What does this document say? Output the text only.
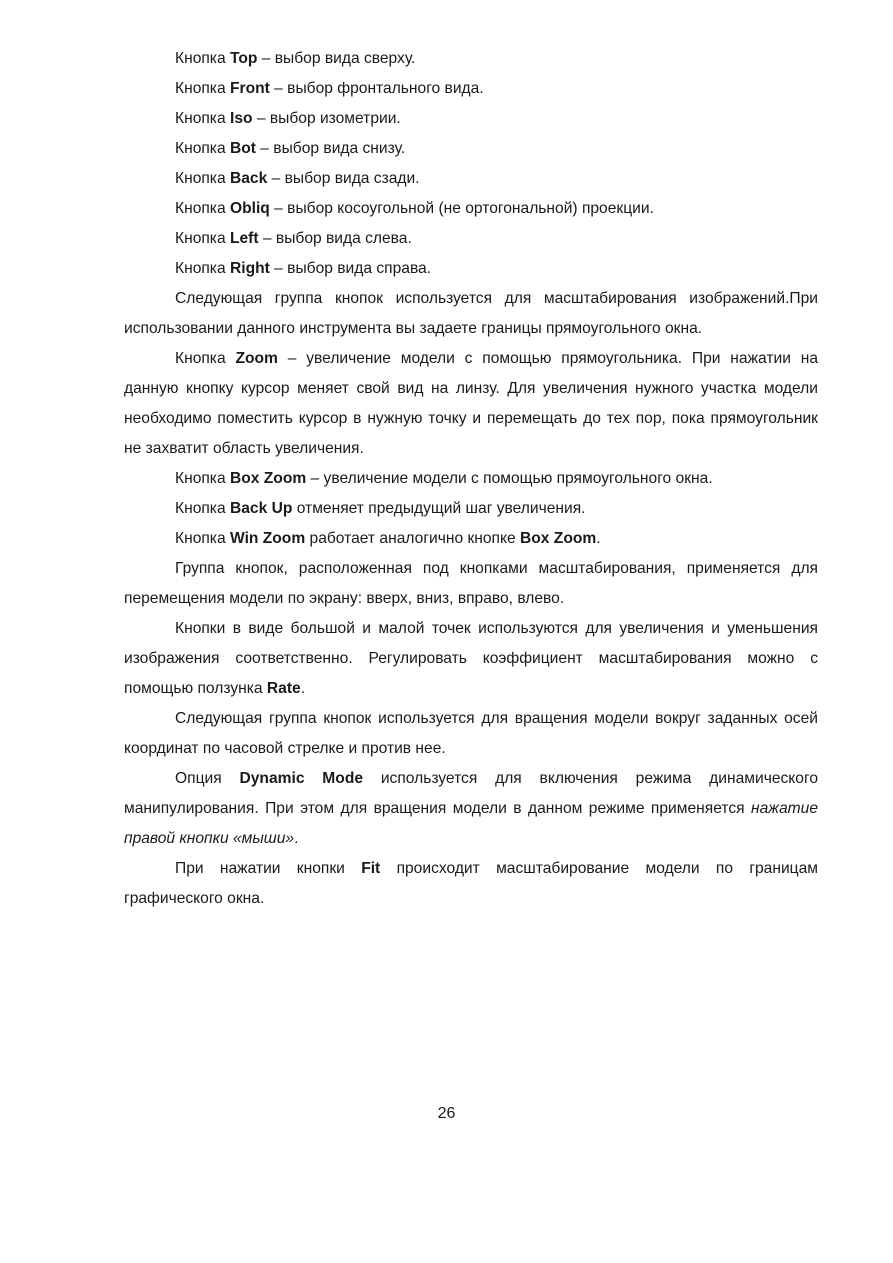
Кнопка Top – выбор вида сверху.

Кнопка Front – выбор фронтального вида.

Кнопка Iso – выбор изометрии.

Кнопка Bot – выбор вида снизу.

Кнопка Back – выбор вида сзади.

Кнопка Obliq – выбор косоугольной (не ортогональной) проекции.

Кнопка Left – выбор вида слева.

Кнопка Right – выбор вида справа.

Следующая группа кнопок используется для масштабирования изображений.При использовании данного инструмента вы задаете границы прямоугольного окна.

Кнопка Zoom – увеличение модели с помощью прямоугольника. При нажатии на данную кнопку курсор меняет свой вид на линзу. Для увеличения нужного участка модели необходимо поместить курсор в нужную точку и перемещать до тех пор, пока прямоугольник не захватит область увеличения.

Кнопка Box Zoom – увеличение модели с помощью прямоугольного окна.

Кнопка Back Up отменяет предыдущий шаг увеличения.

Кнопка Win Zoom работает аналогично кнопке Box Zoom.

Группа кнопок, расположенная под кнопками масштабирования, применяется для перемещения модели по экрану: вверх, вниз, вправо, влево.

Кнопки в виде большой и малой точек используются для увеличения и уменьшения изображения соответственно. Регулировать коэффициент масштабирования можно с помощью ползунка Rate.

Следующая группа кнопок используется для вращения модели вокруг заданных осей координат по часовой стрелке и против нее.

Опция Dynamic Mode используется для включения режима динамического манипулирования. При этом для вращения модели в данном режиме применяется нажатие правой кнопки «мыши».

При нажатии кнопки Fit происходит масштабирование модели по границам графического окна.

26
